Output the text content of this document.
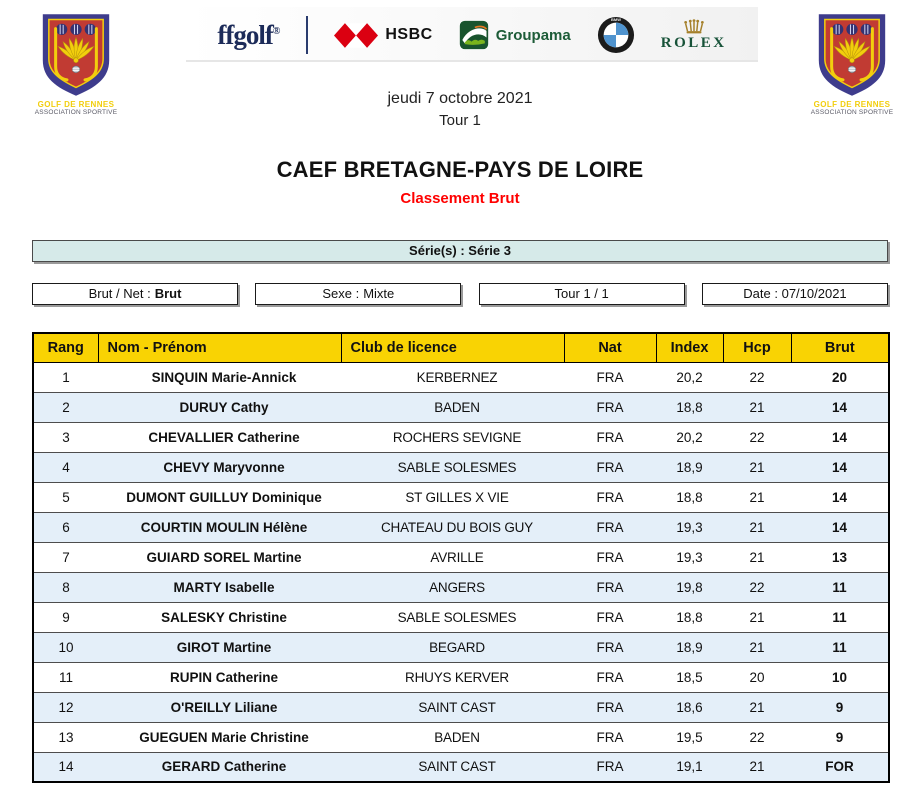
GOLF DE RENNES
ASSOCIATION SPORTIVE
GOLF DE RENNES
ASSOCIATION SPORTIVE
ffgolf®	HSBC	Groupama
BMW
ROLEX
jeudi 7 octobre 2021
Tour 1
CAEF BRETAGNE-PAYS DE LOIRE
Classement Brut
Série(s) : Série 3
Brut / Net : Brut	Sexe : Mixte	Tour 1 / 1	Date : 07/10/2021
Rang	Nom - Prénom	Club de licence	Nat	Index	Hcp	Brut
1	SINQUIN Marie-Annick	KERBERNEZ	FRA	20,2	22	20
2	DURUY Cathy	BADEN	FRA	18,8	21	14
3	CHEVALLIER Catherine	ROCHERS SEVIGNE	FRA	20,2	22	14
4	CHEVY Maryvonne	SABLE SOLESMES	FRA	18,9	21	14
5	DUMONT GUILLUY Dominique	ST GILLES X VIE	FRA	18,8	21	14
6	COURTIN MOULIN Hélène	CHATEAU DU BOIS GUY	FRA	19,3	21	14
7	GUIARD SOREL Martine	AVRILLE	FRA	19,3	21	13
8	MARTY Isabelle	ANGERS	FRA	19,8	22	11
9	SALESKY Christine	SABLE SOLESMES	FRA	18,8	21	11
10	GIROT Martine	BEGARD	FRA	18,9	21	11
11	RUPIN Catherine	RHUYS KERVER	FRA	18,5	20	10
12	O'REILLY Liliane	SAINT CAST	FRA	18,6	21	9
13	GUEGUEN Marie Christine	BADEN	FRA	19,5	22	9
14	GERARD Catherine	SAINT CAST	FRA	19,1	21	FOR
